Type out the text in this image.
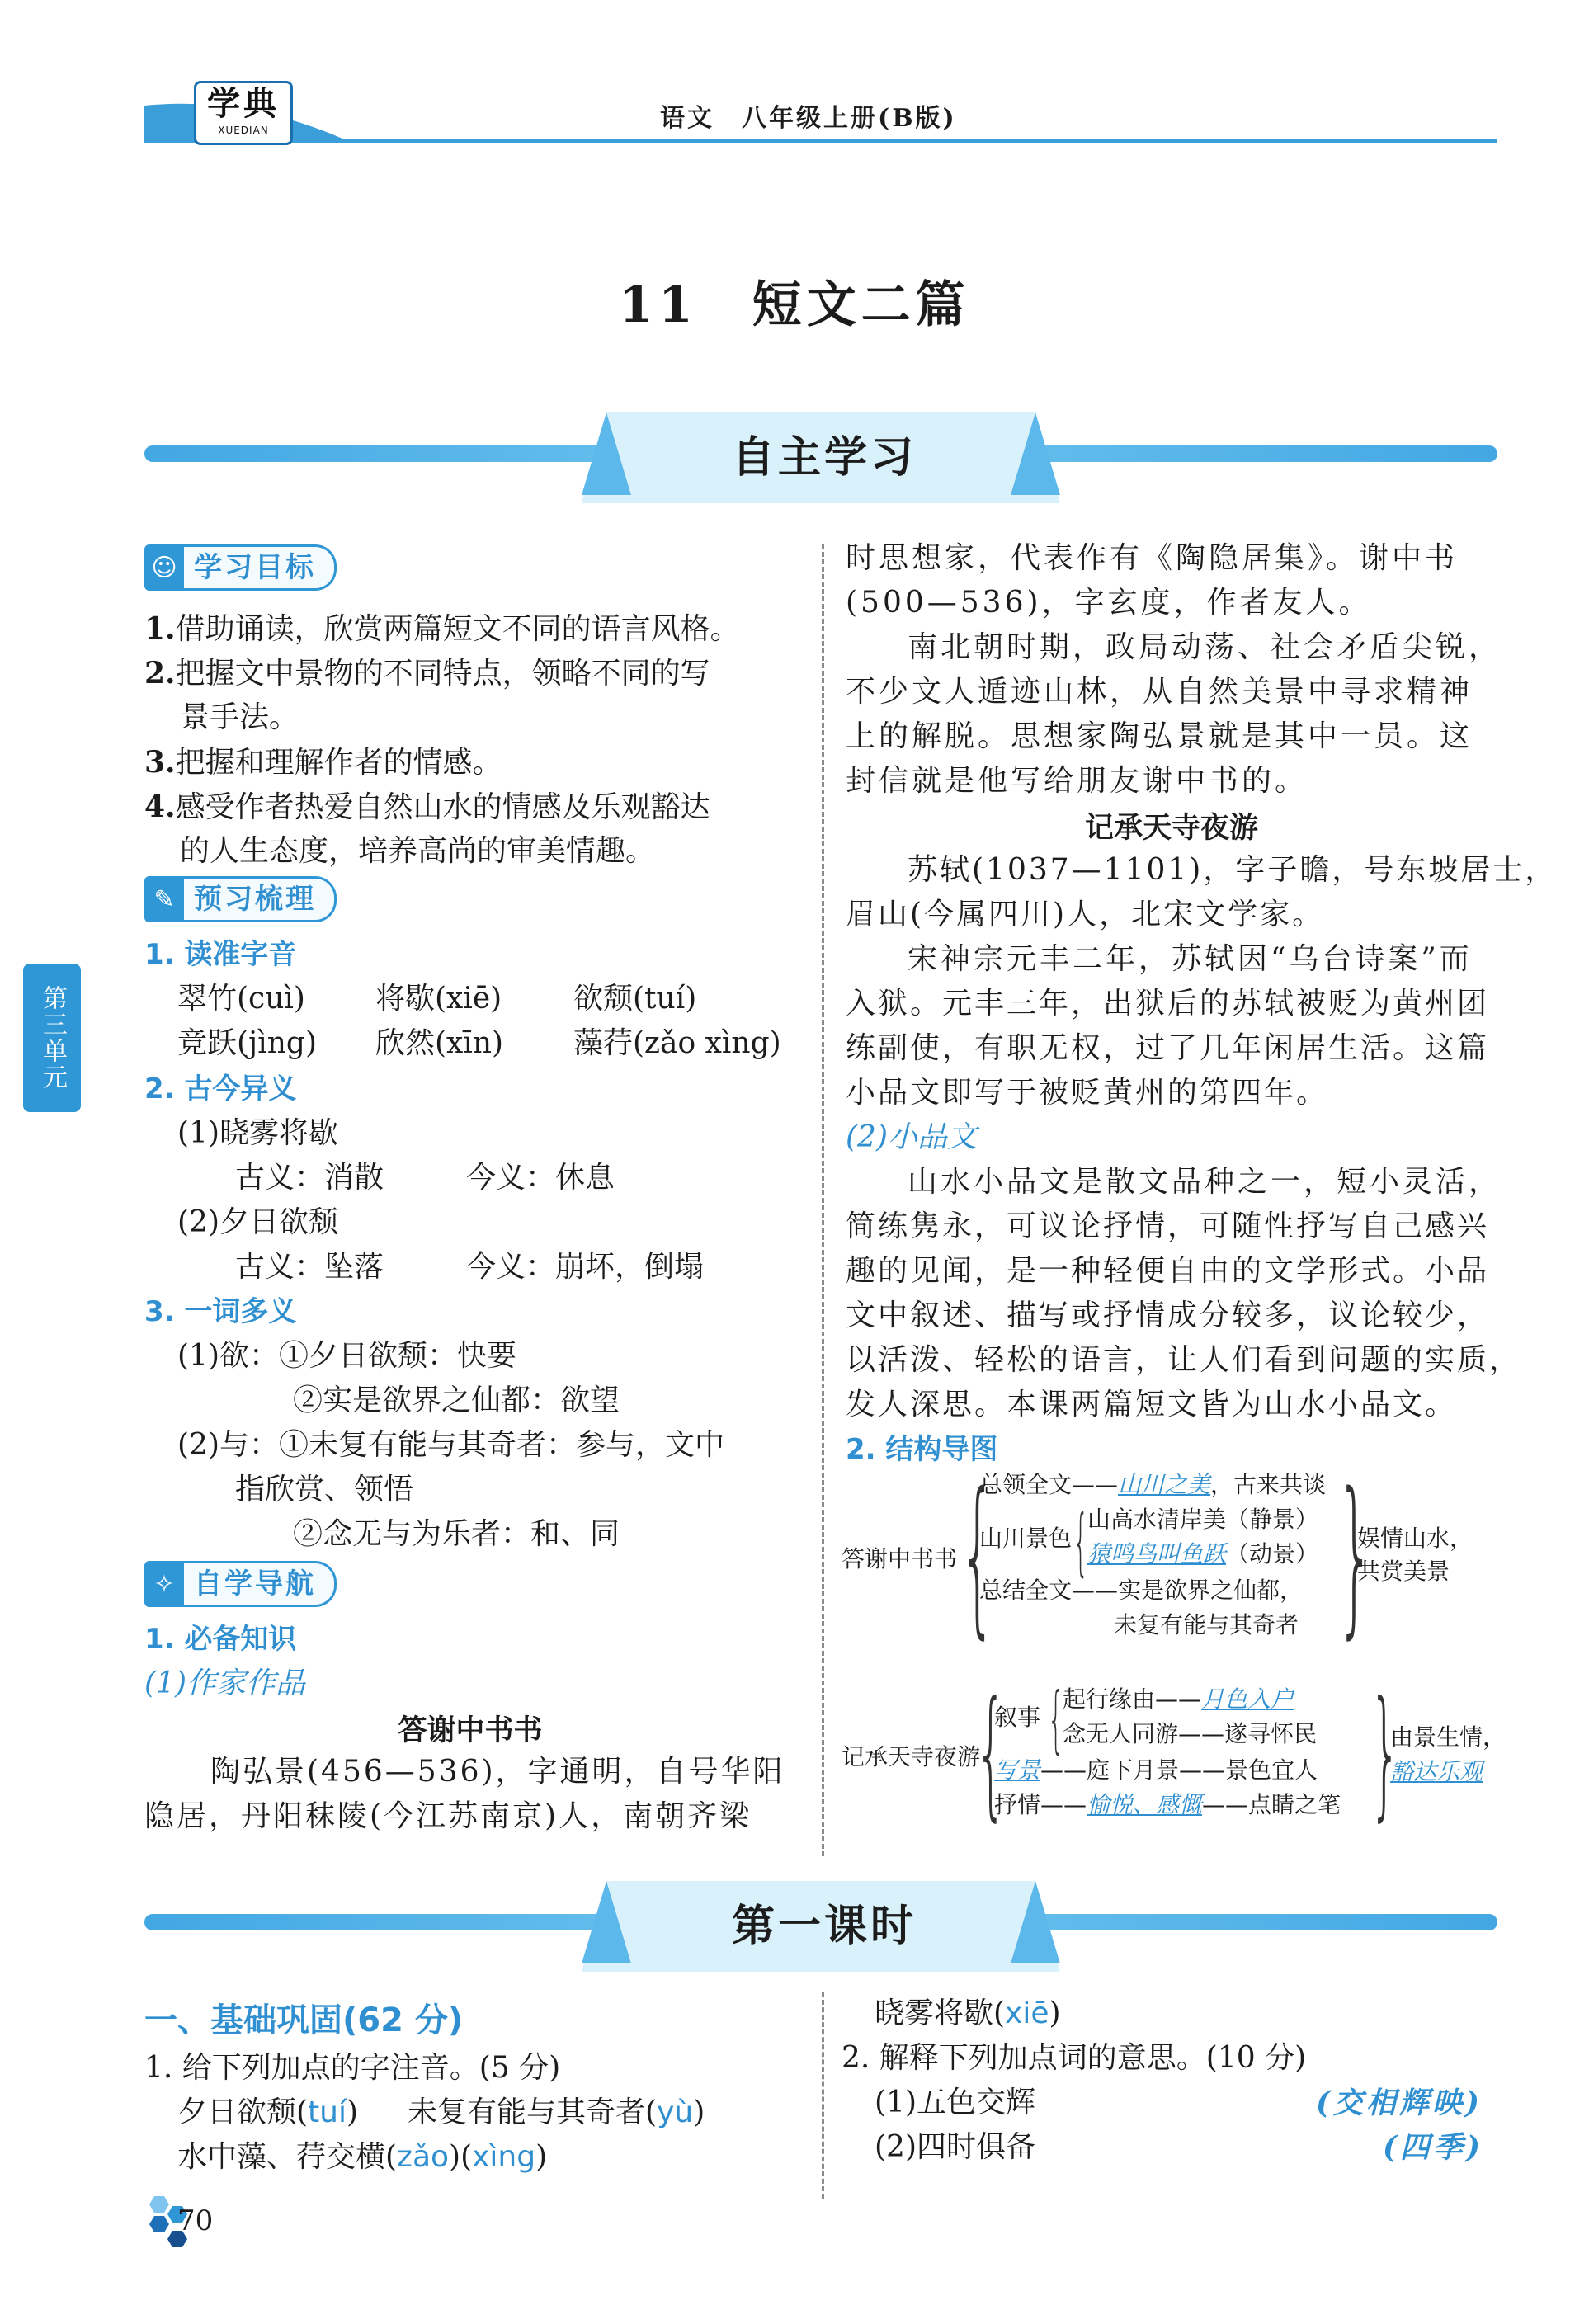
学典
XUEDIAN	语文　八年级上册(B版)
11　短文二篇
自主学习
第三单元
☺ 学习目标
1.借助诵读，欣赏两篇短文不同的语言风格。
2.把握文中景物的不同特点，领略不同的写
景手法。
3.把握和理解作者的情感。
4.感受作者热爱自然山水的情感及乐观豁达
的人生态度，培养高尚的审美情趣。
✎ 预习梳理
1. 读准字音
翠竹(cuì) 将歇(xiē) 欲颓(tuí)
竞跃(jìng) 欣然(xīn) 藻荇(zǎo xìng)
2. 古今异义
(1)晓雾将歇
古义：消散	今义：休息
(2)夕日欲颓
古义：坠落	今义：崩坏，倒塌
3. 一词多义
(1)欲：①夕日欲颓：快要
②实是欲界之仙都：欲望
(2)与：①未复有能与其奇者：参与，文中
指欣赏、领悟
②念无与为乐者：和、同
✧ 自学导航
1. 必备知识
(1)作家作品
答谢中书书
陶弘景(456—536)，字通明，自号华阳
隐居，丹阳秣陵(今江苏南京)人，南朝齐梁
时思想家，代表作有《陶隐居集》。谢中书
(500—536)，字玄度，作者友人。
南北朝时期，政局动荡、社会矛盾尖锐，
不少文人遁迹山林，从自然美景中寻求精神
上的解脱。思想家陶弘景就是其中一员。这
封信就是他写给朋友谢中书的。
记承天寺夜游
苏轼(1037—1101)，字子瞻，号东坡居士，
眉山(今属四川)人，北宋文学家。
宋神宗元丰二年，苏轼因“乌台诗案”而
入狱。元丰三年，出狱后的苏轼被贬为黄州团
练副使，有职无权，过了几年闲居生活。这篇
小品文即写于被贬黄州的第四年。
(2)小品文
山水小品文是散文品种之一，短小灵活，
简练隽永，可议论抒情，可随性抒写自己感兴
趣的见闻，是一种轻便自由的文学形式。小品
文中叙述、描写或抒情成分较多，议论较少，
以活泼、轻松的语言，让人们看到问题的实质，
发人深思。本课两篇短文皆为山水小品文。
2. 结构导图
答谢中书书 {
总领全文——山川之美，古来共谈
山川景色 {
山高水清岸美（静景）
猿鸣鸟叫鱼跃（动景）
总结全文——实是欲界之仙都，
未复有能与其奇者 }
娱情山水，
共赏美景
记承天寺夜游
{
叙事 {
起行缘由——月色入户
念无人同游——遂寻怀民
写景——庭下月景——景色宜人
抒情——愉悦、感慨——点睛之笔 }
由景生情，
豁达乐观
第一课时
一、基础巩固(62 分)
1. 给下列加点的字注音。(5 分)
夕日欲颓(tuí) 未复有能与其奇者(yù)
水中藻、荇交横(zǎo)(xìng)
晓雾将歇(xiē)
2. 解释下列加点词的意思。(10 分)
(1)五色交辉	(交相辉映)
(2)四时俱备	(四季)
70
